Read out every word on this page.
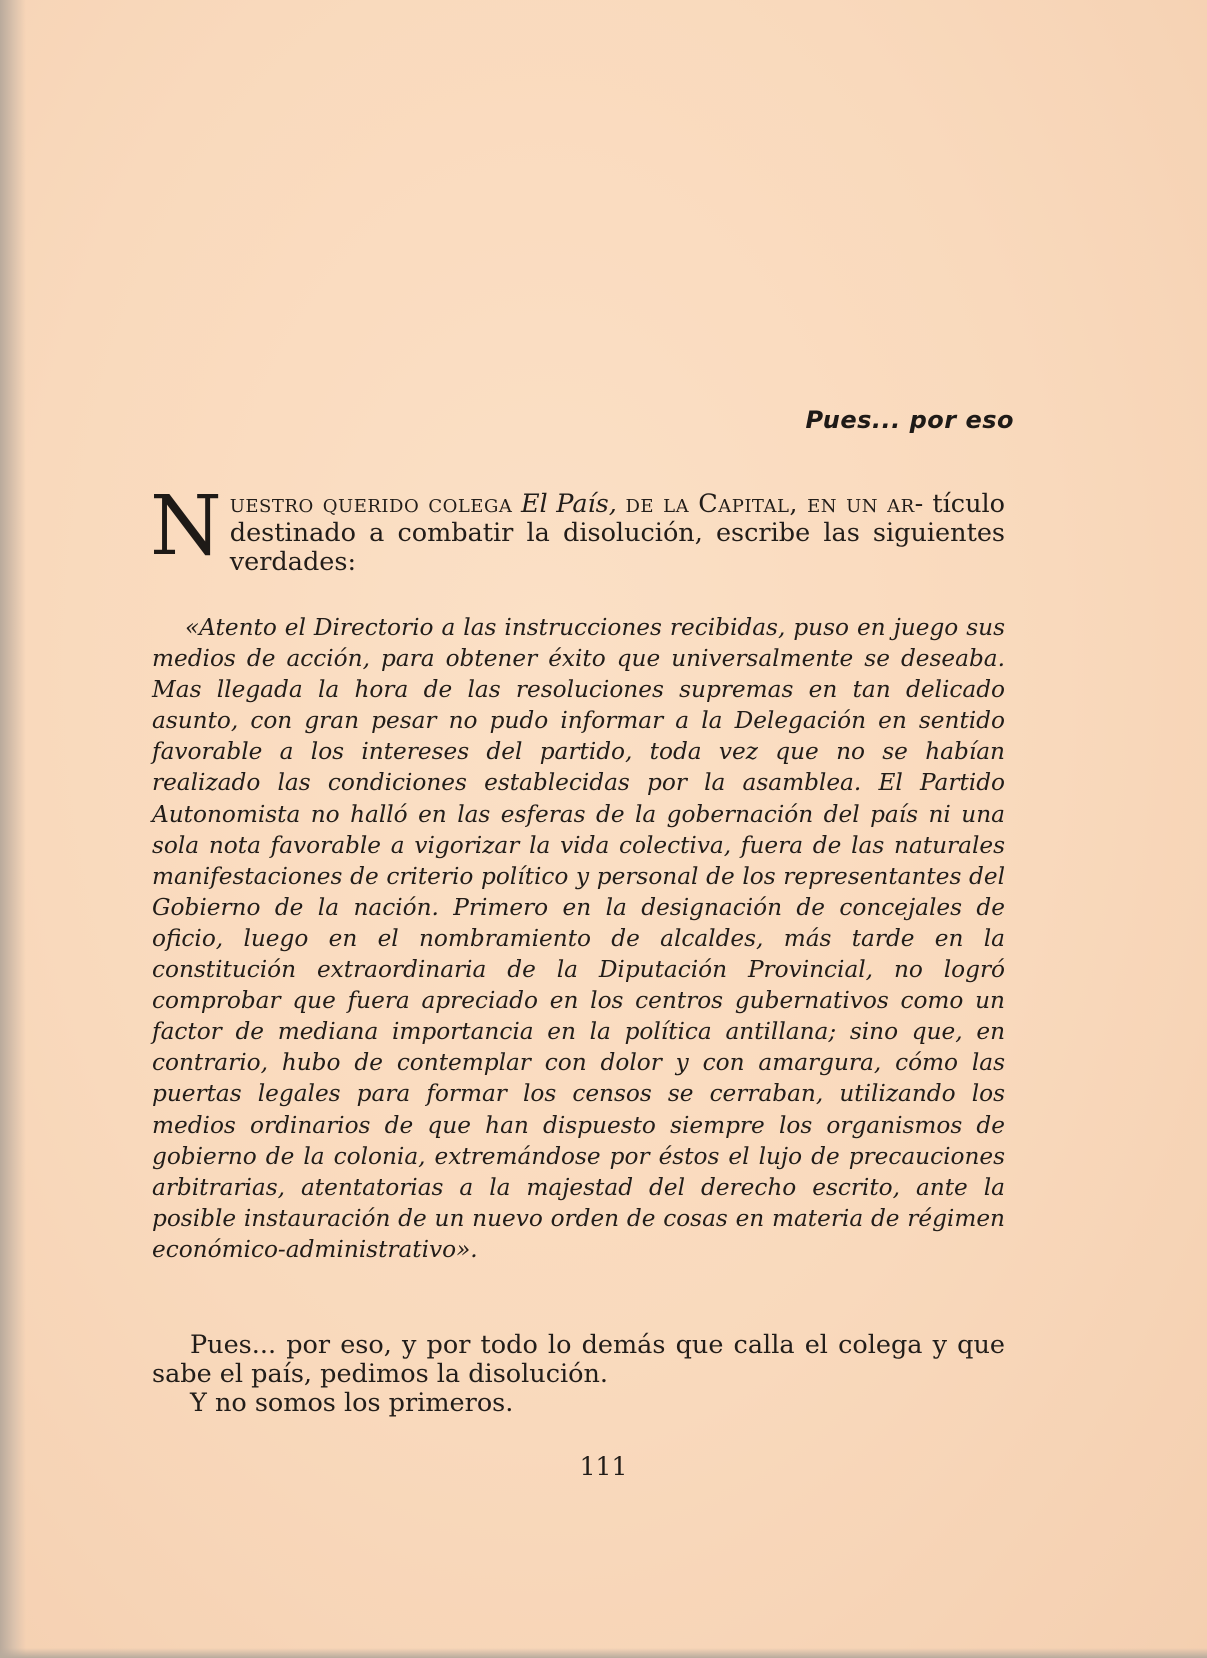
Pues... por eso

N uestro querido colega El País, de la Capital, en un ar- tículo destinado a combatir la disolución, escribe las siguientes verdades:

«Atento el Directorio a las instrucciones recibidas, puso en juego sus medios de acción, para obtener éxito que universalmente se deseaba. Mas llegada la hora de las resoluciones supremas en tan delicado asunto, con gran pesar no pudo informar a la Delegación en sentido favorable a los intereses del partido, toda vez que no se habían realizado las condiciones establecidas por la asamblea. El Partido Autonomista no halló en las esferas de la gobernación del país ni una sola nota favorable a vigorizar la vida colectiva, fuera de las naturales manifestaciones de criterio político y personal de los representantes del Gobierno de la nación. Primero en la designación de concejales de oficio, luego en el nombramiento de alcaldes, más tarde en la constitución extraordinaria de la Diputación Provincial, no logró comprobar que fuera apreciado en los centros gubernativos como un factor de mediana importancia en la política antillana; sino que, en contrario, hubo de contemplar con dolor y con amargura, cómo las puertas legales para formar los censos se cerraban, utilizando los medios ordinarios de que han dispuesto siempre los organismos de gobierno de la colonia, extremándose por éstos el lujo de precauciones arbitrarias, atentatorias a la majestad del derecho escrito, ante la posible instauración de un nuevo orden de cosas en materia de régimen económico-administrativo».

Pues... por eso, y por todo lo demás que calla el colega y que sabe el país, pedimos la disolución.

Y no somos los primeros.

111
